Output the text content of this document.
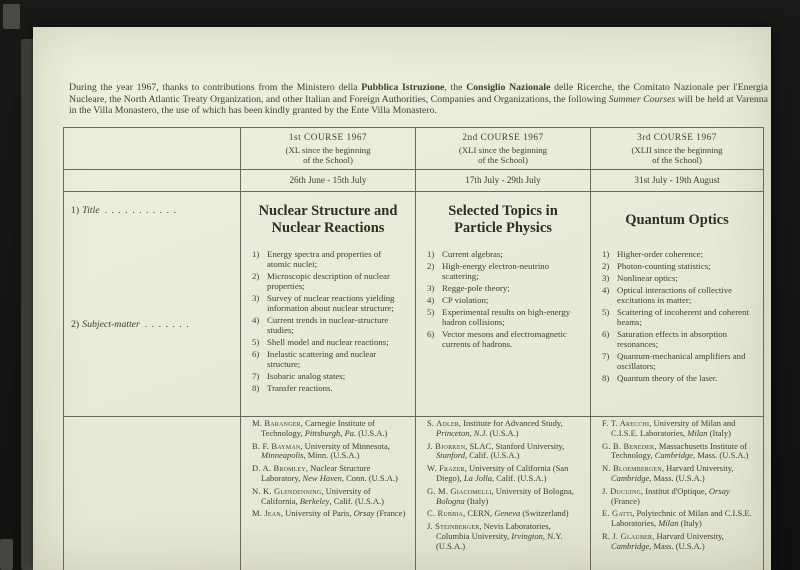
During the year 1967, thanks to contributions from the Ministero della Pubblica Istruzione, the Consiglio Nazionale delle Ricerche, the Comitato Nazionale per l'Energia Nucleare, the North Atlantic Treaty Organization, and other Italian and Foreign Authorities, Companies and Organizations, the following Summer Courses will be held at Varenna in the Villa Monastero, the use of which has been kindly granted by the Ente Villa Monastero.

1) Title . . . . . . . . . . .
2) Subject-matter . . . . . . .
1st COURSE 1967
(XL since the beginning
of the School)
26th June - 15th July
Nuclear Structure and Nuclear Reactions
1) Energy spectra and properties of atomic nuclei;
2) Microscopic description of nuclear properties;
3) Survey of nuclear reactions yielding information about nuclear structure;
4) Current trends in nuclear-structure studies;
5) Shell model and nuclear reactions;
6) Inelastic scattering and nuclear structure;
7) Isobaric analog states;
8) Transfer reactions.

M. Baranger, Carnegie Institute of Technology, Pittsburgh, Pa. (U.S.A.)

B. F. Bayman, University of Minnesota, Minneapolis, Minn. (U.S.A.)

D. A. Bromley, Nuclear Structure Laboratory, New Haven, Conn. (U.S.A.)

N. K. Glendenning, University of California, Berkeley, Calif. (U.S.A.)

M. Jean, University of Paris, Orsay (France)

2nd COURSE 1967
(XLI since the beginning
of the School)
17th July - 29th July
Selected Topics in Particle Physics
1) Current algebras;
2) High-energy electron-neutrino scattering;
3) Regge-pole theory;
4) CP violation;
5) Experimental results on high-energy hadron collisions;
6) Vector mesons and electromagnetic currents of hadrons.

S. Adler, Institute for Advanced Study, Princeton, N.J. (U.S.A.)

J. Bjorken, SLAC, Stanford University, Stanford, Calif. (U.S.A.)

W. Frazer, University of California (San Diego), La Jolla, Calif. (U.S.A.)

G. M. Giacomelli, University of Bologna, Bologna (Italy)

C. Rubbia, CERN, Geneva (Switzerland)

J. Steinberger, Nevis Laboratories, Columbia University, Irvington, N.Y. (U.S.A.)

3rd COURSE 1967
(XLII since the beginning
of the School)
31st July - 19th August
Quantum Optics
1) Higher-order coherence;
2) Photon-counting statistics;
3) Nonlinear optics;
4) Optical interactions of collective excitations in matter;
5) Scattering of incoherent and coherent beams;
6) Saturation effects in absorption resonances;
7) Quantum-mechanical amplifiers and oscillators;
8) Quantum theory of the laser.

F. T. Arecchi, University of Milan and C.I.S.E. Laboratories, Milan (Italy)

G. B. Benedek, Massachusetts Institute of Technology, Cambridge, Mass. (U.S.A.)

N. Bloembergen, Harvard University, Cambridge, Mass. (U.S.A.)

J. Ducuing, Institut d'Optique, Orsay (France)

E. Gatti, Polytechnic of Milan and C.I.S.E. Laboratories, Milan (Italy)

R. J. Glauber, Harvard University, Cambridge, Mass. (U.S.A.)
